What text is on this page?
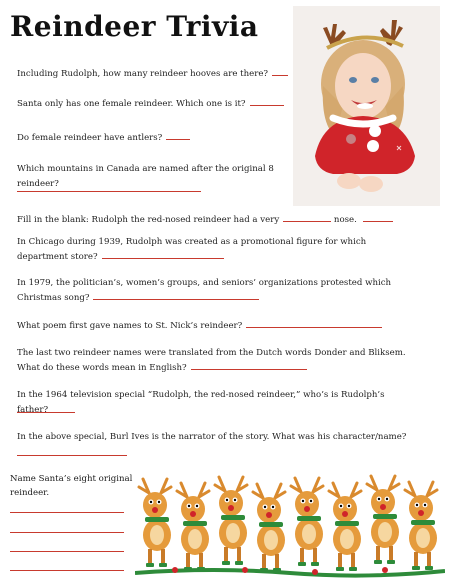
Reindeer Trivia
Including Rudolph, how many reindeer hooves are there?
Santa only has one female reindeer. Which one is it?
Do female reindeer have antlers?
Which mountains in Canada are named after the original 8 reindeer?
Fill in the blank: Rudolph the red-nosed reindeer had a very	nose.
In Chicago during 1939, Rudolph was created as a promotional figure for which department store?
In 1979, the politician’s, women’s groups, and seniors’ organizations protested which Christmas song?
What poem first gave names to St. Nick’s reindeer?
The last two reindeer names were translated from the Dutch words Donder and Bliksem. What do these words mean in English?
In the 1964 television special “Rudolph, the red-nosed reindeer,” who’s is Rudolph’s father?
In the above special, Burl Ives is the narrator of the story. What was his character/name?
Name Santa’s eight original reindeer.
